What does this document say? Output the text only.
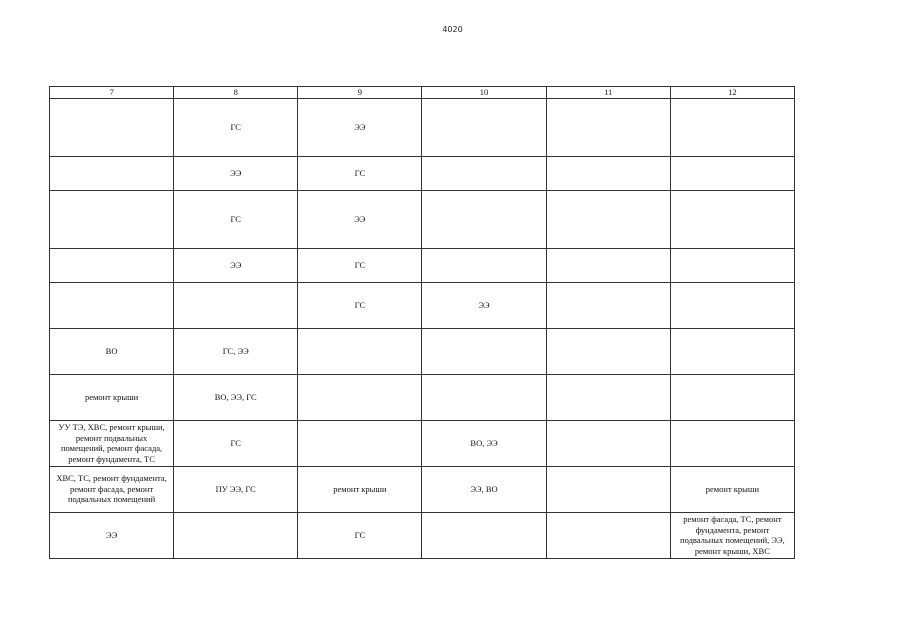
4020
7	8	9	10	11	12
	ГС	ЭЭ			
	ЭЭ	ГС			
	ГС	ЭЭ			
	ЭЭ	ГС			
		ГС	ЭЭ		
ВО	ГС, ЭЭ				
ремонт крыши	ВО, ЭЭ, ГС				
УУ ТЭ, ХВС, ремонт крыши, ремонт подвальных помещений, ремонт фасада, ремонт фундамента, ТС	ГС		ВО, ЭЭ		
ХВС, ТС, ремонт фундамента, ремонт фасада, ремонт подвальных помещений	ПУ ЭЭ, ГС	ремонт крыши	ЭЭ, ВО		ремонт крыши
ЭЭ		ГС			ремонт фасада, ТС, ремонт фундамента, ремонт подвальных помещений, ЭЭ, ремонт крыши, ХВС
